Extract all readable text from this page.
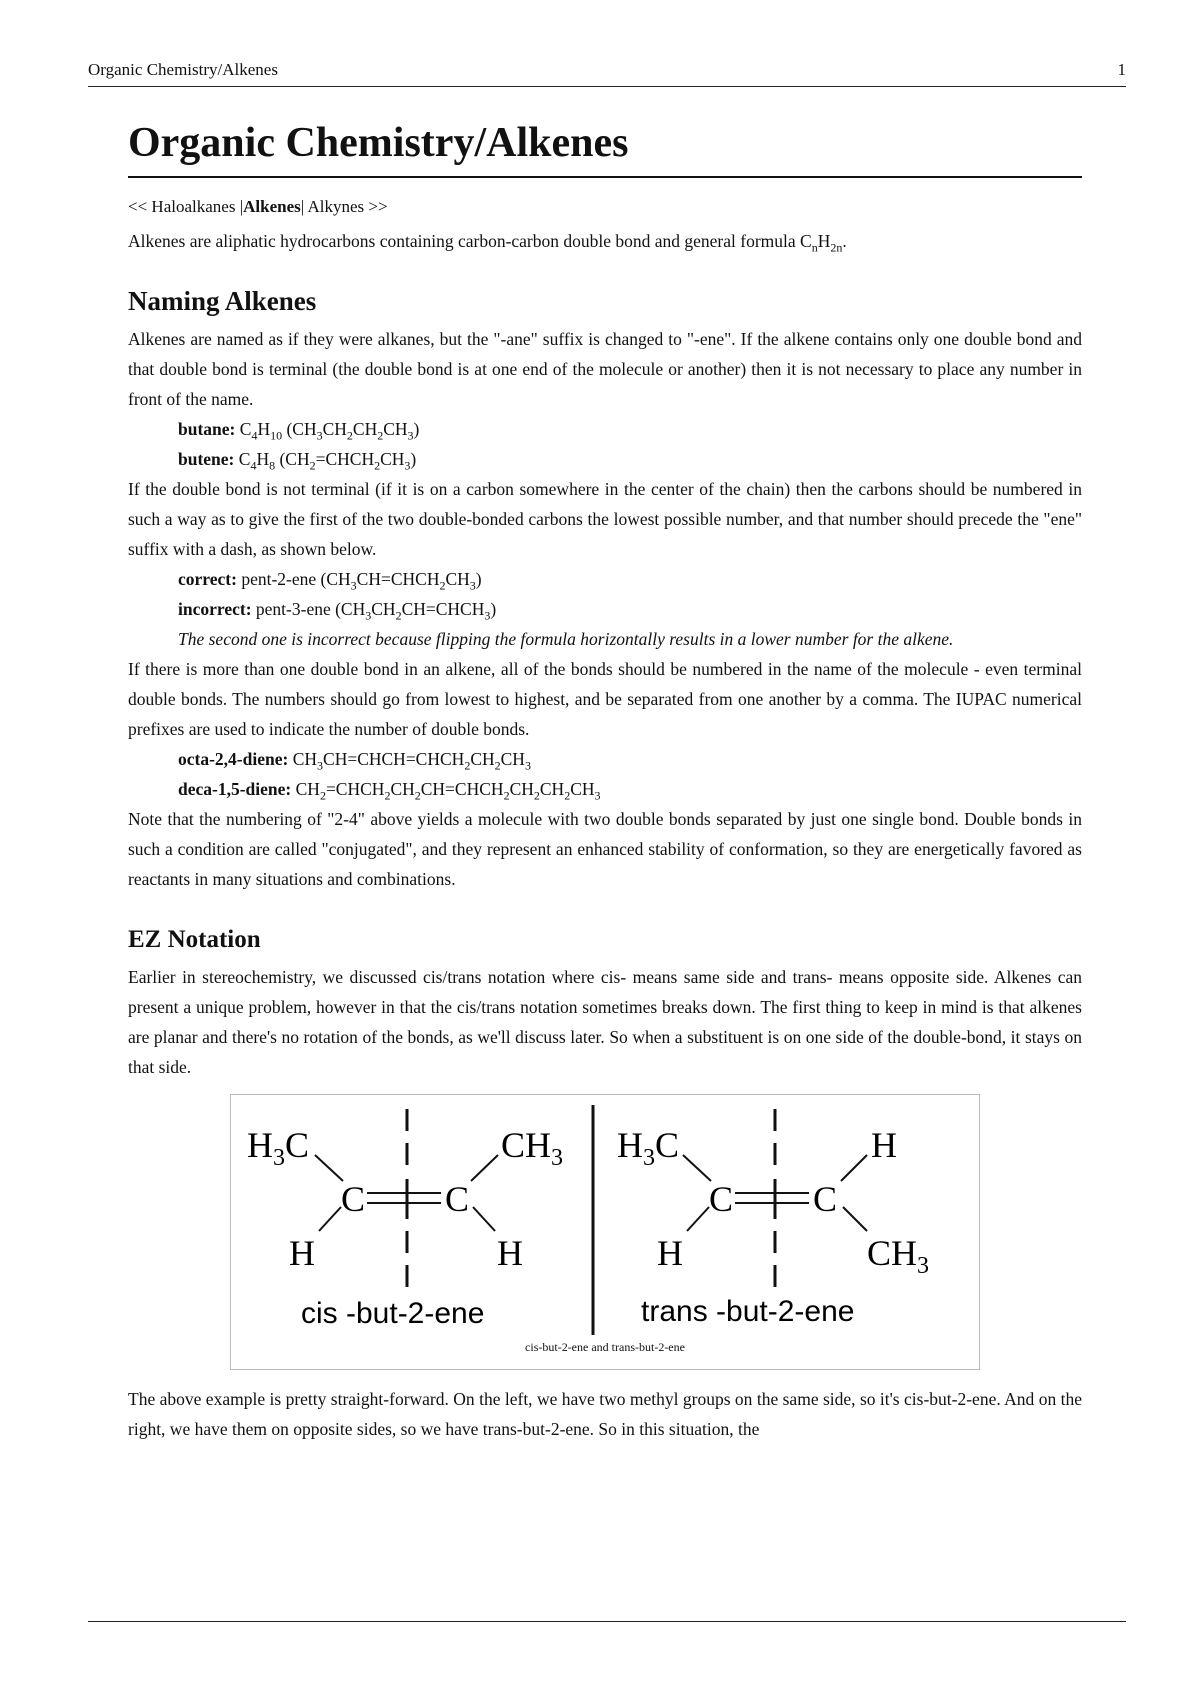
Organic Chemistry/Alkenes	1
Organic Chemistry/Alkenes
<< Haloalkanes |Alkenes| Alkynes >>

Alkenes are aliphatic hydrocarbons containing carbon-carbon double bond and general formula $C_nH_{2n}$.

Naming Alkenes

Alkenes are named as if they were alkanes, but the "-ane" suffix is changed to "-ene". If the alkene contains only one double bond and that double bond is terminal (the double bond is at one end of the molecule or another) then it is not necessary to place any number in front of the name.

butane: $C_4H_{10}$ $(CH_3CH_2CH_2CH_3)$
butene: $C_4H_8$ $(CH_2=CHCH_2CH_3)$

If the double bond is not terminal (if it is on a carbon somewhere in the center of the chain) then the carbons should be numbered in such a way as to give the first of the two double-bonded carbons the lowest possible number, and that number should precede the "ene" suffix with a dash, as shown below.

correct: pent-2-ene $(CH_3CH=CHCH_2CH_3)$
incorrect: pent-3-ene $(CH_3CH_2CH=CHCH_3)$
The second one is incorrect because flipping the formula horizontally results in a lower number for the alkene.

If there is more than one double bond in an alkene, all of the bonds should be numbered in the name of the molecule - even terminal double bonds. The numbers should go from lowest to highest, and be separated from one another by a comma. The IUPAC numerical prefixes are used to indicate the number of double bonds.

octa-2,4-diene: $CH_3CH=CHCH=CHCH_2CH_2CH_3$
deca-1,5-diene: $CH_2=CHCH_2CH_2CH=CHCH_2CH_2CH_2CH_3$

Note that the numbering of "2-4" above yields a molecule with two double bonds separated by just one single bond. Double bonds in such a condition are called "conjugated", and they represent an enhanced stability of conformation, so they are energetically favored as reactants in many situations and combinations.

EZ Notation

Earlier in stereochemistry, we discussed cis/trans notation where cis- means same side and trans- means opposite side. Alkenes can present a unique problem, however in that the cis/trans notation sometimes breaks down. The first thing to keep in mind is that alkenes are planar and there's no rotation of the bonds, as we'll discuss later. So when a substituent is on one side of the double-bond, it stays on that side.

$H_3C$	$CH_3$
C C
H	H
cis -but-2-ene
$H_3C$	H
C C
H	$CH_3$
trans -but-2-ene
cis-but-2-ene and trans-but-2-ene

The above example is pretty straight-forward. On the left, we have two methyl groups on the same side, so it's cis-but-2-ene. And on the right, we have them on opposite sides, so we have trans-but-2-ene. So in this situation, the
